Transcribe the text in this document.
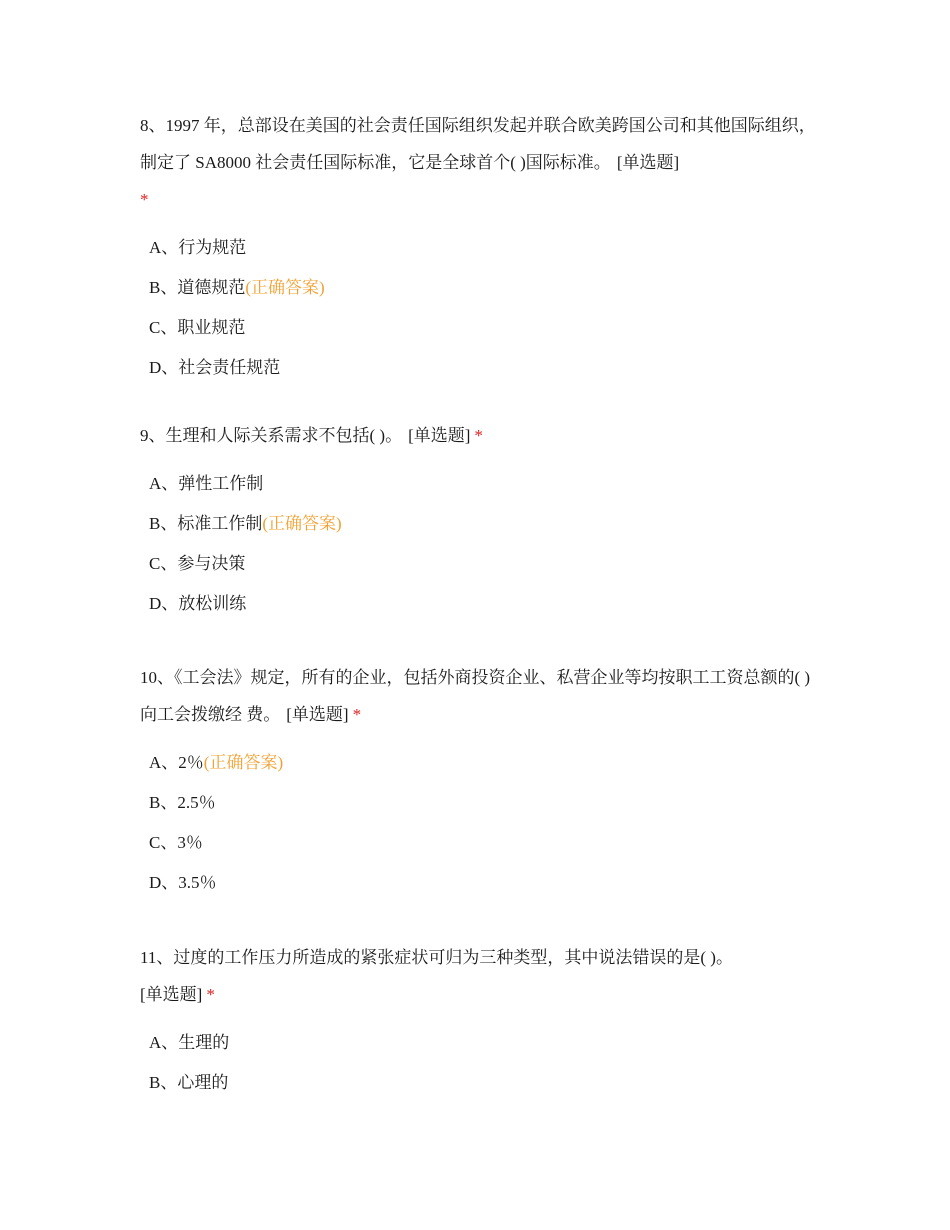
8、1997 年，总部设在美国的社会责任国际组织发起并联合欧美跨国公司和其他国际组织，制定了 SA8000 社会责任国际标准，它是全球首个( )国际标准。 [单选题]
*

A、行为规范
B、道德规范(正确答案)
C、职业规范
D、社会责任规范

9、生理和人际关系需求不包括( )。 [单选题] *

A、弹性工作制
B、标准工作制(正确答案)
C、参与决策
D、放松训练

10、《工会法》规定，所有的企业，包括外商投资企业、私营企业等均按职工工资总额的( )向工会拨缴经 费。 [单选题] *

A、2％(正确答案)
B、2.5％
C、3％
D、3.5％

11、过度的工作压力所造成的紧张症状可归为三种类型，其中说法错误的是( )。
[单选题] *

A、生理的
B、心理的
